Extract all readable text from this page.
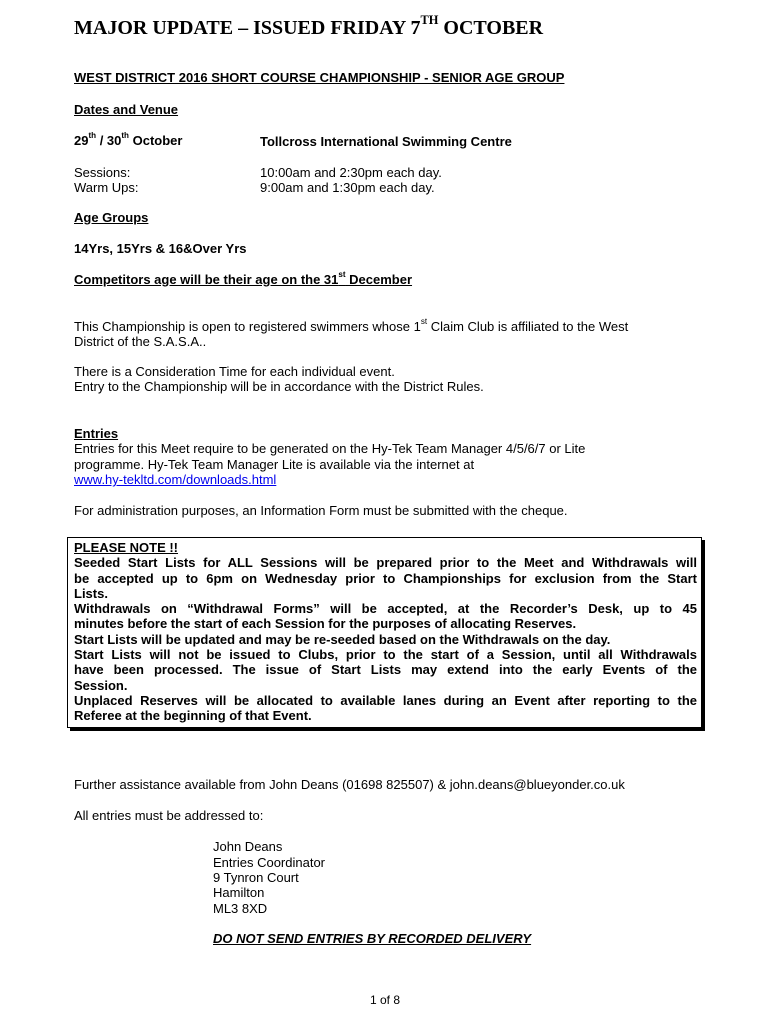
MAJOR UPDATE – ISSUED FRIDAY 7TH OCTOBER
WEST DISTRICT 2016 SHORT COURSE CHAMPIONSHIP - SENIOR AGE GROUP
Dates and Venue
29th / 30th October	Tollcross International Swimming Centre
Sessions:	10:00am and 2:30pm each day.
Warm Ups:	9:00am and 1:30pm each day.
Age Groups
14Yrs, 15Yrs & 16&Over Yrs
Competitors age will be their age on the 31st December
This Championship is open to registered swimmers whose 1st Claim Club is affiliated to the West
District of the S.A.S.A..
There is a Consideration Time for each individual event.
Entry to the Championship will be in accordance with the District Rules.
Entries
Entries for this Meet require to be generated on the Hy-Tek Team Manager 4/5/6/7 or Lite
programme. Hy-Tek Team Manager Lite is available via the internet at
www.hy-tekltd.com/downloads.html
For administration purposes, an Information Form must be submitted with the cheque.
PLEASE NOTE !!
Seeded Start Lists for ALL Sessions will be prepared prior to the Meet and Withdrawals will
be accepted up to 6pm on Wednesday prior to Championships for exclusion from the Start
Lists.
Withdrawals on “Withdrawal Forms” will be accepted, at the Recorder’s Desk, up to 45
minutes before the start of each Session for the purposes of allocating Reserves.
Start Lists will be updated and may be re-seeded based on the Withdrawals on the day.
Start Lists will not be issued to Clubs, prior to the start of a Session, until all Withdrawals
have been processed. The issue of Start Lists may extend into the early Events of the
Session.
Unplaced Reserves will be allocated to available lanes during an Event after reporting to the
Referee at the beginning of that Event.
Further assistance available from John Deans (01698 825507) & john.deans@blueyonder.co.uk
All entries must be addressed to:
John Deans
Entries Coordinator
9 Tynron Court
Hamilton
ML3 8XD
DO NOT SEND ENTRIES BY RECORDED DELIVERY
1 of 8
